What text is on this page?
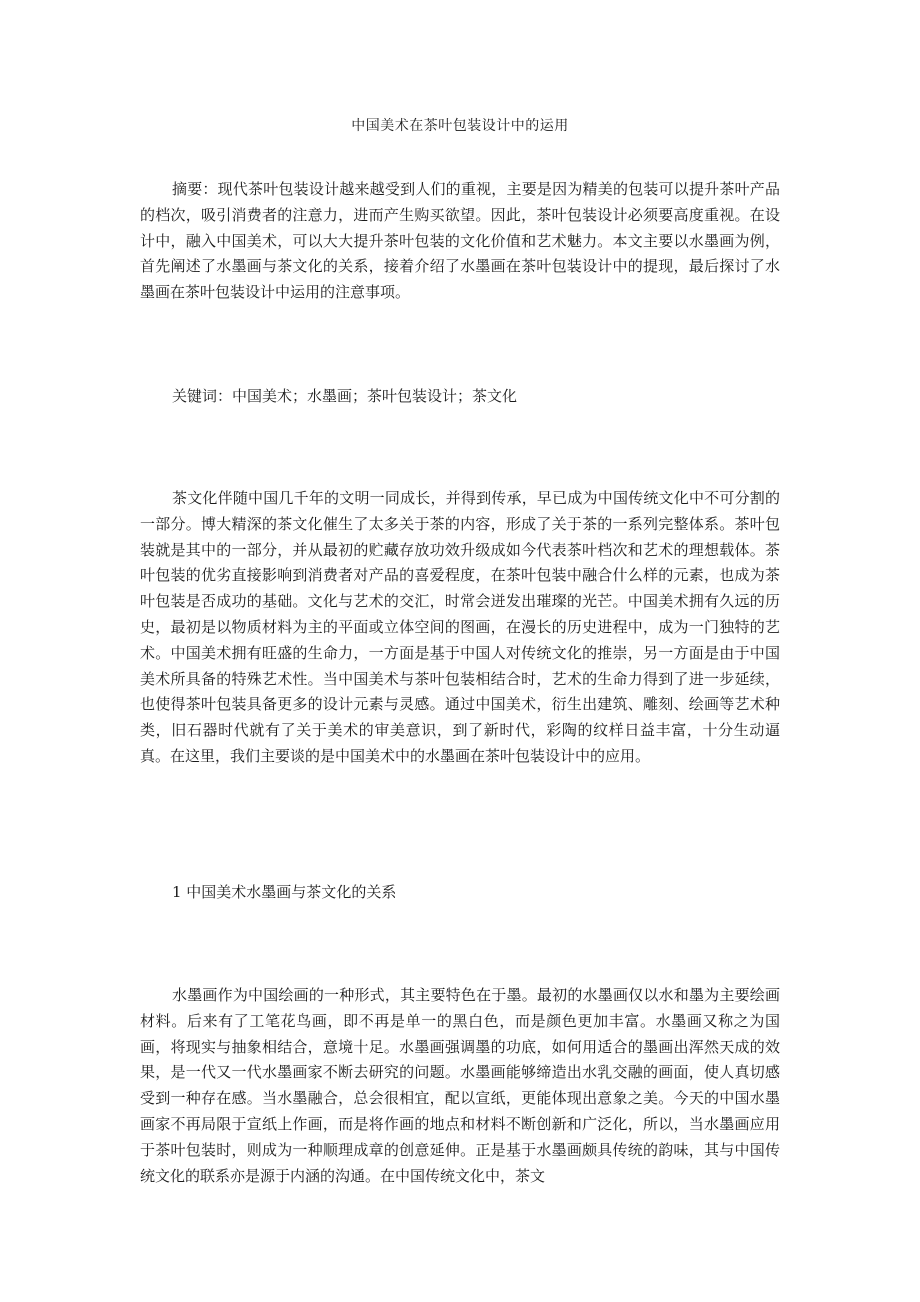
中国美术在茶叶包装设计中的运用

摘要：现代茶叶包装设计越来越受到人们的重视，主要是因为精美的包装可以提升茶叶产品的档次，吸引消费者的注意力，进而产生购买欲望。因此，茶叶包装设计必须要高度重视。在设计中，融入中国美术，可以大大提升茶叶包装的文化价值和艺术魅力。本文主要以水墨画为例，首先阐述了水墨画与茶文化的关系，接着介绍了水墨画在茶叶包装设计中的提现，最后探讨了水墨画在茶叶包装设计中运用的注意事项。

关键词：中国美术；水墨画；茶叶包装设计；茶文化

茶文化伴随中国几千年的文明一同成长，并得到传承，早已成为中国传统文化中不可分割的一部分。博大精深的茶文化催生了太多关于茶的内容，形成了关于茶的一系列完整体系。茶叶包装就是其中的一部分，并从最初的贮藏存放功效升级成如今代表茶叶档次和艺术的理想载体。茶叶包装的优劣直接影响到消费者对产品的喜爱程度，在茶叶包装中融合什么样的元素，也成为茶叶包装是否成功的基础。文化与艺术的交汇，时常会迸发出璀璨的光芒。中国美术拥有久远的历史，最初是以物质材料为主的平面或立体空间的图画，在漫长的历史进程中，成为一门独特的艺术。中国美术拥有旺盛的生命力，一方面是基于中国人对传统文化的推崇，另一方面是由于中国美术所具备的特殊艺术性。当中国美术与茶叶包装相结合时，艺术的生命力得到了进一步延续，也使得茶叶包装具备更多的设计元素与灵感。通过中国美术，衍生出建筑、雕刻、绘画等艺术种类，旧石器时代就有了关于美术的审美意识，到了新时代，彩陶的纹样日益丰富，十分生动逼真。在这里，我们主要谈的是中国美术中的水墨画在茶叶包装设计中的应用。

1 中国美术水墨画与茶文化的关系

水墨画作为中国绘画的一种形式，其主要特色在于墨。最初的水墨画仅以水和墨为主要绘画材料。后来有了工笔花鸟画，即不再是单一的黑白色，而是颜色更加丰富。水墨画又称之为国画，将现实与抽象相结合，意境十足。水墨画强调墨的功底，如何用适合的墨画出浑然天成的效果，是一代又一代水墨画家不断去研究的问题。水墨画能够缔造出水乳交融的画面，使人真切感受到一种存在感。当水墨融合，总会很相宜，配以宣纸，更能体现出意象之美。今天的中国水墨画家不再局限于宣纸上作画，而是将作画的地点和材料不断创新和广泛化，所以，当水墨画应用于茶叶包装时，则成为一种顺理成章的创意延伸。正是基于水墨画颇具传统的韵味，其与中国传统文化的联系亦是源于内涵的沟通。在中国传统文化中，茶文
